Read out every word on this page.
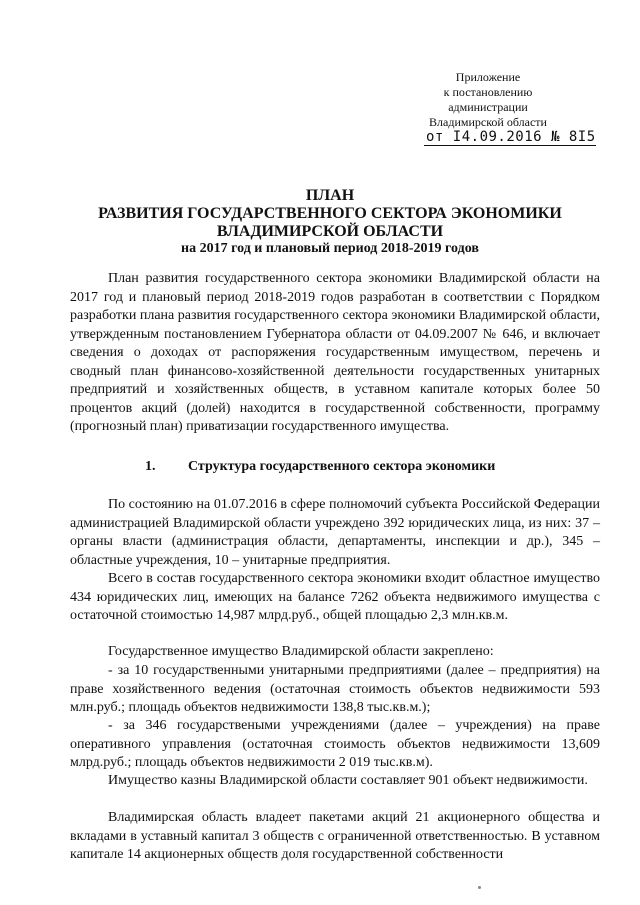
Приложение
к постановлению
администрации
Владимирской области
от I4.09.2016 № 8I5
ПЛАН
РАЗВИТИЯ ГОСУДАРСТВЕННОГО СЕКТОРА ЭКОНОМИКИ
ВЛАДИМИРСКОЙ ОБЛАСТИ
на 2017 год и плановый период 2018-2019 годов

План развития государственного сектора экономики Владимирской области на 2017 год и плановый период 2018-2019 годов разработан в соответствии с Порядком разработки плана развития государственного сектора экономики Владимирской области, утвержденным постановлением Губернатора области от 04.09.2007 № 646, и включает сведения о доходах от распоряжения государственным имуществом, перечень и сводный план финансово-хозяйственной деятельности государственных унитарных предприятий и хозяйственных обществ, в уставном капитале которых более 50 процентов акций (долей) находится в государственной собственности, программу (прогнозный план) приватизации государственного имущества.

1. Структура государственного сектора экономики

По состоянию на 01.07.2016 в сфере полномочий субъекта Российской Федерации администрацией Владимирской области учреждено 392 юридических лица, из них: 37 – органы власти (администрация области, департаменты, инспекции и др.), 345 – областные учреждения, 10 – унитарные предприятия.

Всего в состав государственного сектора экономики входит областное имущество 434 юридических лиц, имеющих на балансе 7262 объекта недвижимого имущества с остаточной стоимостью 14,987 млрд.руб., общей площадью 2,3 млн.кв.м.

Государственное имущество Владимирской области закреплено:

- за 10 государственными унитарными предприятиями (далее – предприятия) на праве хозяйственного ведения (остаточная стоимость объектов недвижимости 593 млн.руб.; площадь объектов недвижимости 138,8 тыс.кв.м.);

- за 346 государствеными учреждениями (далее – учреждения) на праве оперативного управления (остаточная стоимость объектов недвижимости 13,609 млрд.руб.; площадь объектов недвижимости 2 019 тыс.кв.м).

Имущество казны Владимирской области составляет 901 объект недвижимости.

Владимирская область владеет пакетами акций 21 акционерного общества и вкладами в уставный капитал 3 обществ с ограниченной ответственностью. В уставном капитале 14 акционерных обществ доля государственной собственности
